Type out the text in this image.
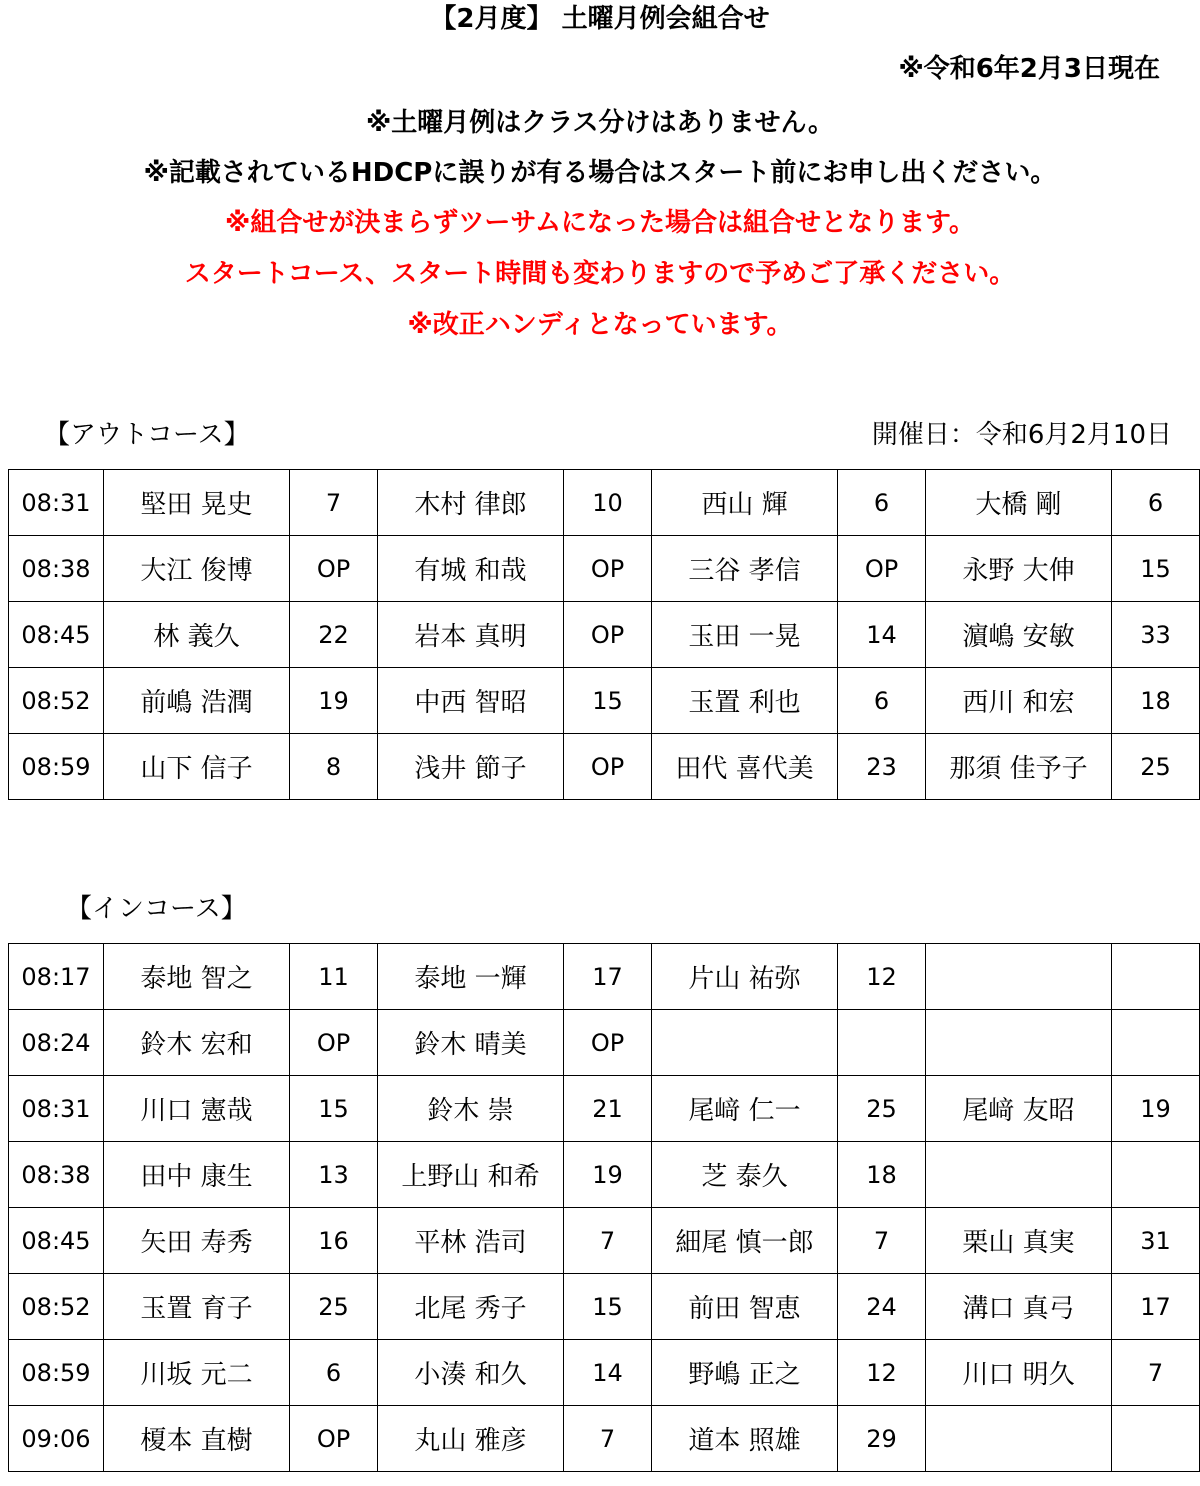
【2月度】 土曜月例会組合せ
※令和6年2月3日現在
※土曜月例はクラス分けはありません。
※記載されているHDCPに誤りが有る場合はスタート前にお申し出ください。
※組合せが決まらずツーサムになった場合は組合せとなります。
スタートコース、スタート時間も変わりますので予めご了承ください。
※改正ハンディとなっています。
【アウトコース】	開催日：令和6月2月10日
08:31	堅田 晃史	7	木村 律郎	10	西山 輝	6	大橋 剛	6
08:38	大江 俊博	OP	有城 和哉	OP	三谷 孝信	OP	永野 大伸	15
08:45	林 義久	22	岩本 真明	OP	玉田 一晃	14	濵嶋 安敏	33
08:52	前嶋 浩潤	19	中西 智昭	15	玉置 利也	6	西川 和宏	18
08:59	山下 信子	8	浅井 節子	OP	田代 喜代美	23	那須 佳予子	25
【インコース】
08:17	泰地 智之	11	泰地 一輝	17	片山 祐弥	12		
08:24	鈴木 宏和	OP	鈴木 晴美	OP				
08:31	川口 憲哉	15	鈴木 崇	21	尾﨑 仁一	25	尾﨑 友昭	19
08:38	田中 康生	13	上野山 和希	19	芝 泰久	18		
08:45	矢田 寿秀	16	平林 浩司	7	細尾 慎一郎	7	栗山 真実	31
08:52	玉置 育子	25	北尾 秀子	15	前田 智恵	24	溝口 真弓	17
08:59	川坂 元二	6	小湊 和久	14	野嶋 正之	12	川口 明久	7
09:06	榎本 直樹	OP	丸山 雅彦	7	道本 照雄	29		
